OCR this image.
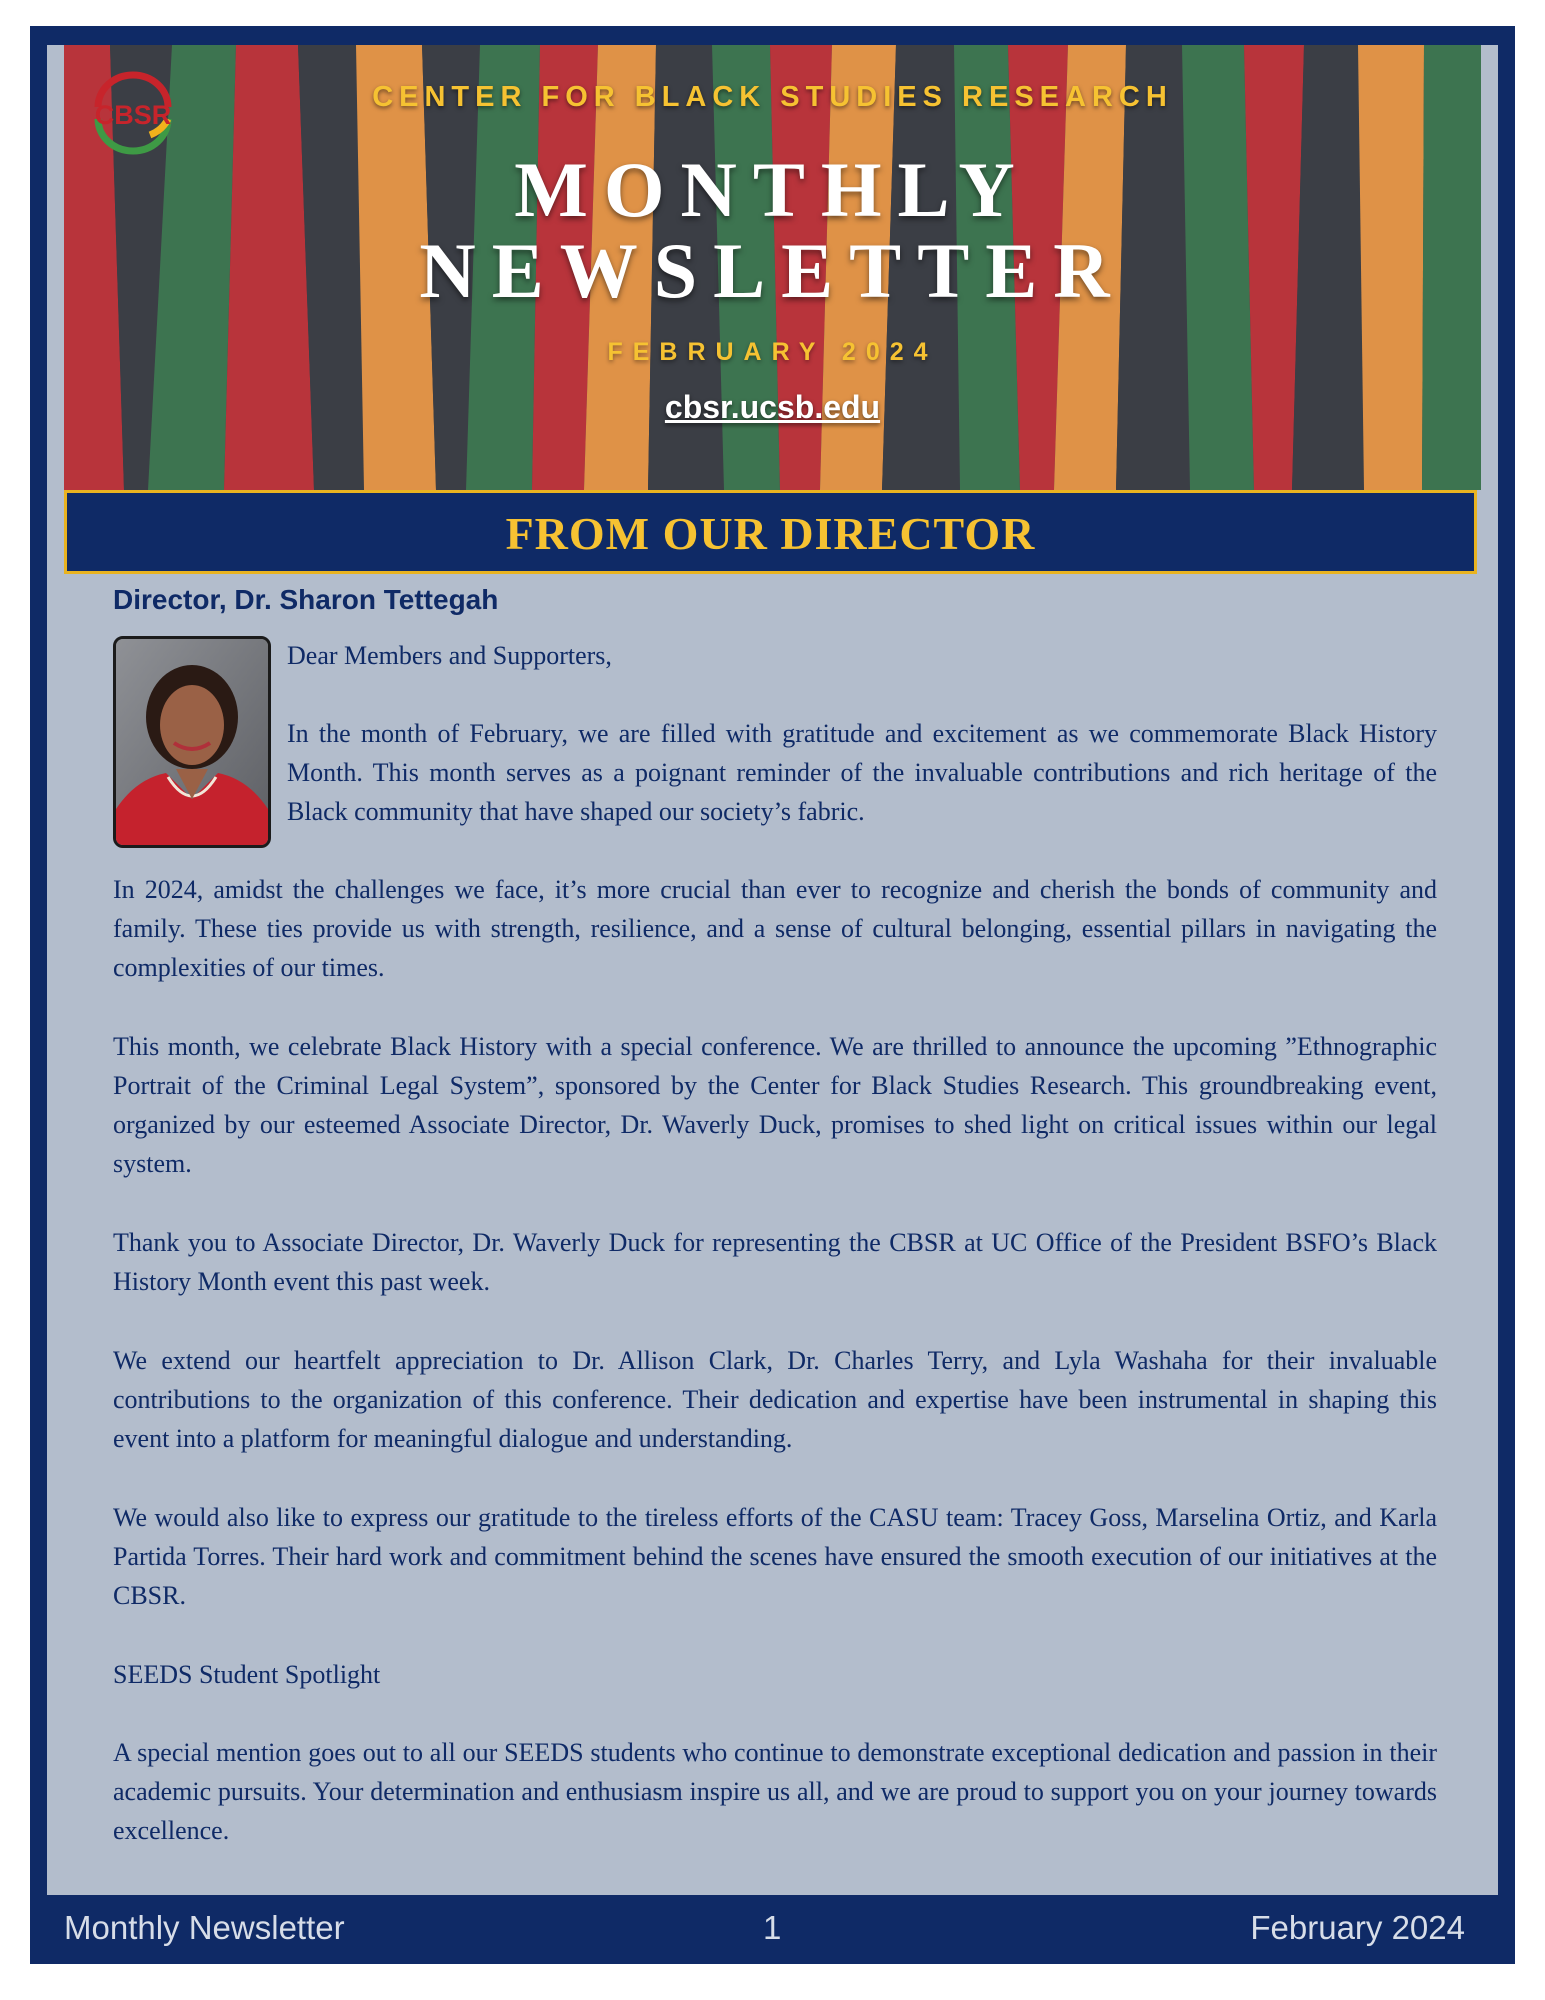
CBSR
CENTER FOR BLACK STUDIES RESEARCH
MONTHLY
NEWSLETTER
FEBRUARY 2024
cbsr.ucsb.edu
FROM OUR DIRECTOR
Director, Dr. Sharon Tettegah

Dear Members and Supporters,

In the month of February, we are filled with gratitude and excitement as we commemorate Black History Month. This month serves as a poignant reminder of the invaluable contributions and rich heritage of the Black community that have shaped our society’s fabric.

In 2024, amidst the challenges we face, it’s more crucial than ever to recognize and cherish the bonds of community and family. These ties provide us with strength, resilience, and a sense of cultural belonging, essential pillars in navigating the complexities of our times.

This month, we celebrate Black History with a special conference. We are thrilled to announce the upcoming ”Ethnographic Portrait of the Criminal Legal System”, sponsored by the Center for Black Studies Research. This groundbreaking event, organized by our esteemed Associate Director, Dr. Waverly Duck, promises to shed light on critical issues within our legal system.

Thank you to Associate Director, Dr. Waverly Duck for representing the CBSR at UC Office of the President BSFO’s Black History Month event this past week.

We extend our heartfelt appreciation to Dr. Allison Clark, Dr. Charles Terry, and Lyla Washaha for their invaluable contributions to the organization of this conference. Their dedication and expertise have been instrumental in shaping this event into a platform for meaningful dialogue and understanding.

We would also like to express our gratitude to the tireless efforts of the CASU team: Tracey Goss, Marselina Ortiz, and Karla Partida Torres. Their hard work and commitment behind the scenes have ensured the smooth execution of our initiatives at the CBSR.

SEEDS Student Spotlight

A special mention goes out to all our SEEDS students who continue to demonstrate exceptional dedication and passion in their academic pursuits. Your determination and enthusiasm inspire us all, and we are proud to support you on your journey towards excellence.

Monthly Newsletter	1	February 2024
